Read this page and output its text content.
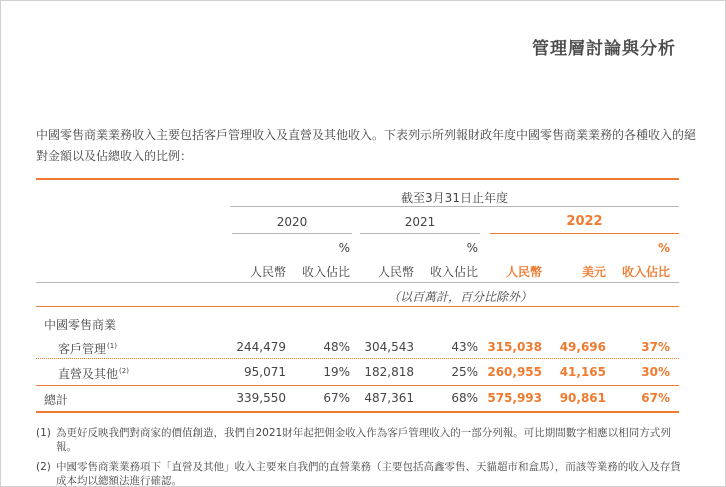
管理層討論與分析
中國零售商業業務收入主要包括客戶管理收入及直營及其他收入。下表列示所列報財政年度中國零售商業業務的各種收入的絕對金額以及佔總收入的比例：
截至3月31日止年度
2020	2021	2022
%	%	%
人民幣	收入佔比	人民幣	收入佔比	人民幣	美元	收入佔比
（以百萬計，百分比除外）
中國零售商業
客戶管理$^{(1)}$	244,479	48%	304,543	43% 315,038	49,696	37%
直營及其他$^{(2)}$	95,071	19%	182,818	25% 260,955	41,165	30%
總計	339,550	67%	487,361	68% 575,993	90,861	67%
(1) 為更好反映我們對商家的價值創造，我們自2021財年起把佣金收入作為客戶管理收入的一部分列報。可比期間數字相應以相同方式列報。
(2) 中國零售商業業務項下「直營及其他」收入主要來自我們的直營業務（主要包括高鑫零售、天貓超市和盒馬），而該等業務的收入及存貨成本均以總額法進行確認。
